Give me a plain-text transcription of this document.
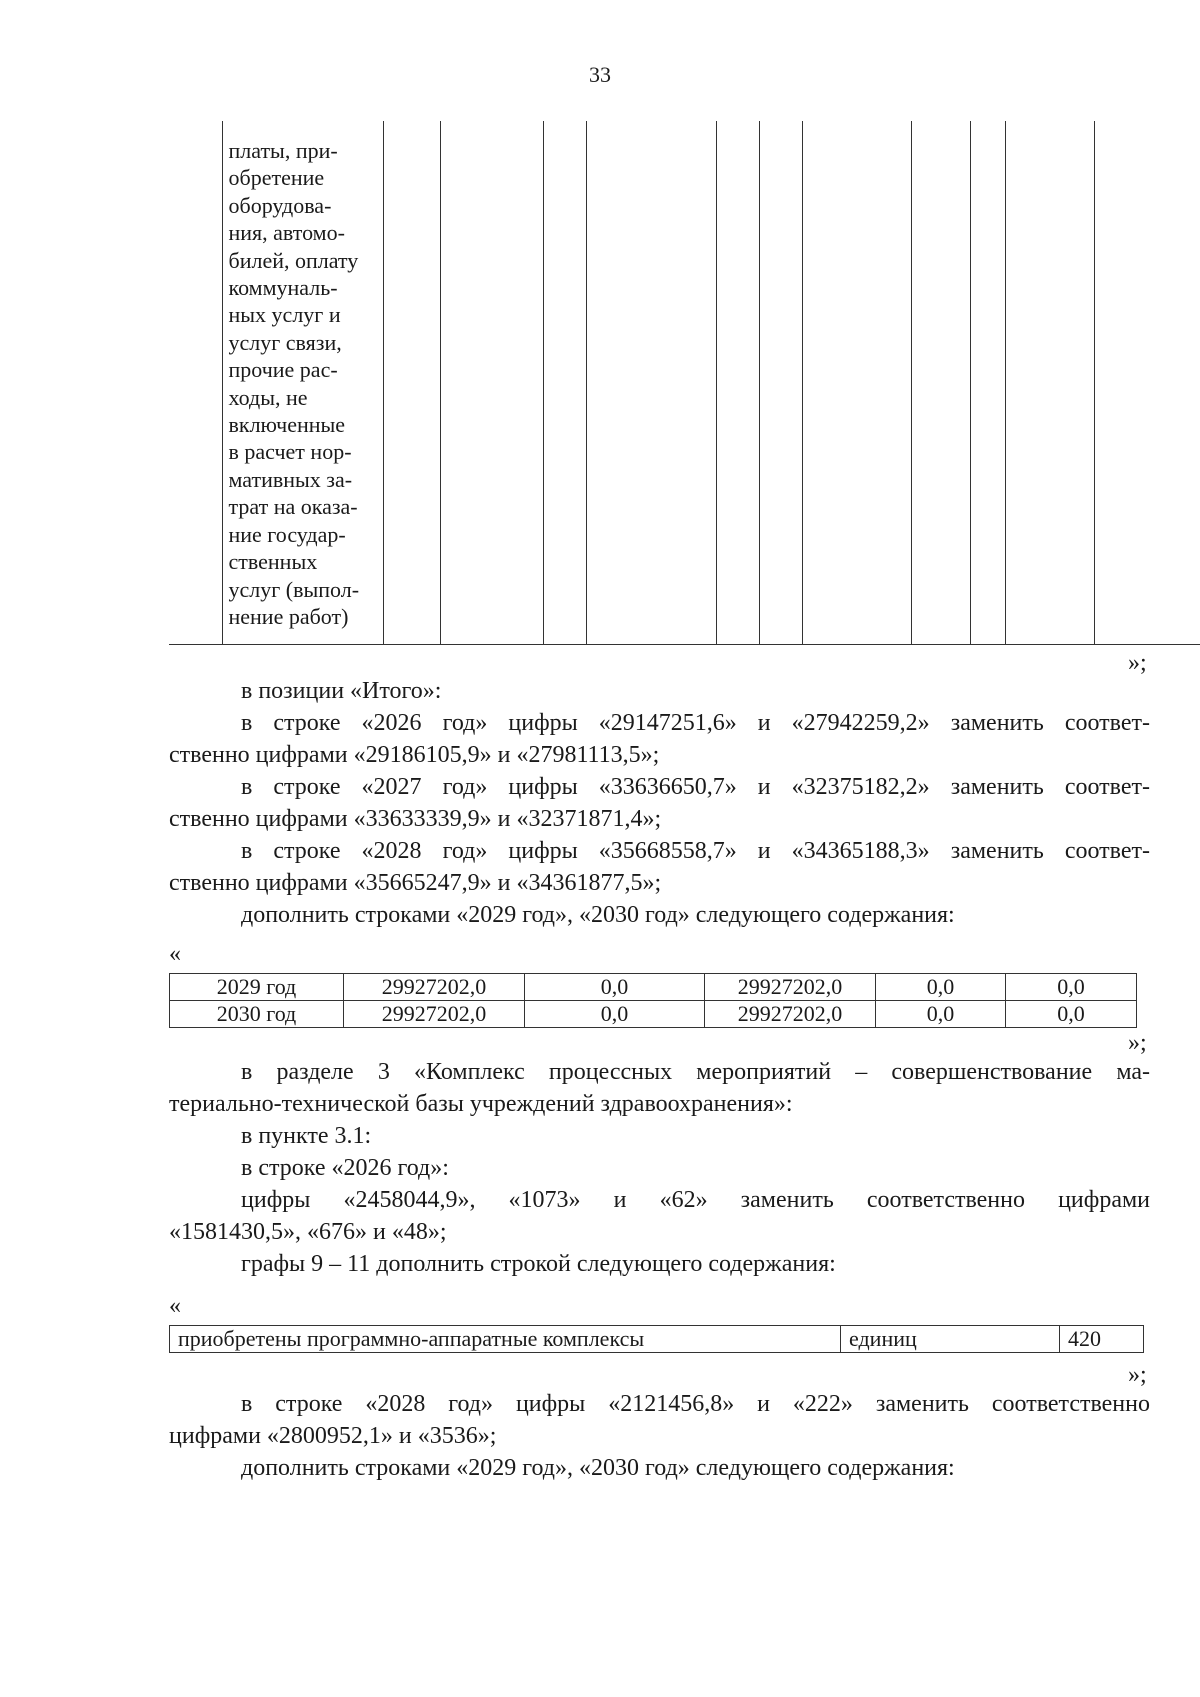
33

платы, при-
обретение
оборудова-
ния, автомо-
билей, оплату
коммуналь-
ных услуг и
услуг связи,
прочие рас-
ходы, не
включенные
в расчет нор-
мативных за-
трат на оказа-
ние государ-
ственных
услуг (выпол-
нение работ)

»;
в позиции «Итого»:
в строке «2026 год» цифры «29147251,6» и «27942259,2» заменить соответ-
ственно цифрами «29186105,9» и «27981113,5»;
в строке «2027 год» цифры «33636650,7» и «32375182,2» заменить соответ-
ственно цифрами «33633339,9» и «32371871,4»;
в строке «2028 год» цифры «35668558,7» и «34365188,3» заменить соответ-
ственно цифрами «35665247,9» и «34361877,5»;
дополнить строками «2029 год», «2030 год» следующего содержания:
«
2029 год	29927202,0	0,0	29927202,0	0,0	0,0
2030 год	29927202,0	0,0	29927202,0	0,0	0,0
»;
в разделе 3 «Комплекс процессных мероприятий – совершенствование ма-
териально-технической базы учреждений здравоохранения»:
в пункте 3.1:
в строке «2026 год»:
цифры «2458044,9», «1073» и «62» заменить соответственно цифрами
«1581430,5», «676» и «48»;
графы 9 – 11 дополнить строкой следующего содержания:
«
приобретены программно-аппаратные комплексы	единиц	420
»;
в строке «2028 год» цифры «2121456,8» и «222» заменить соответственно
цифрами «2800952,1» и «3536»;
дополнить строками «2029 год», «2030 год» следующего содержания:
